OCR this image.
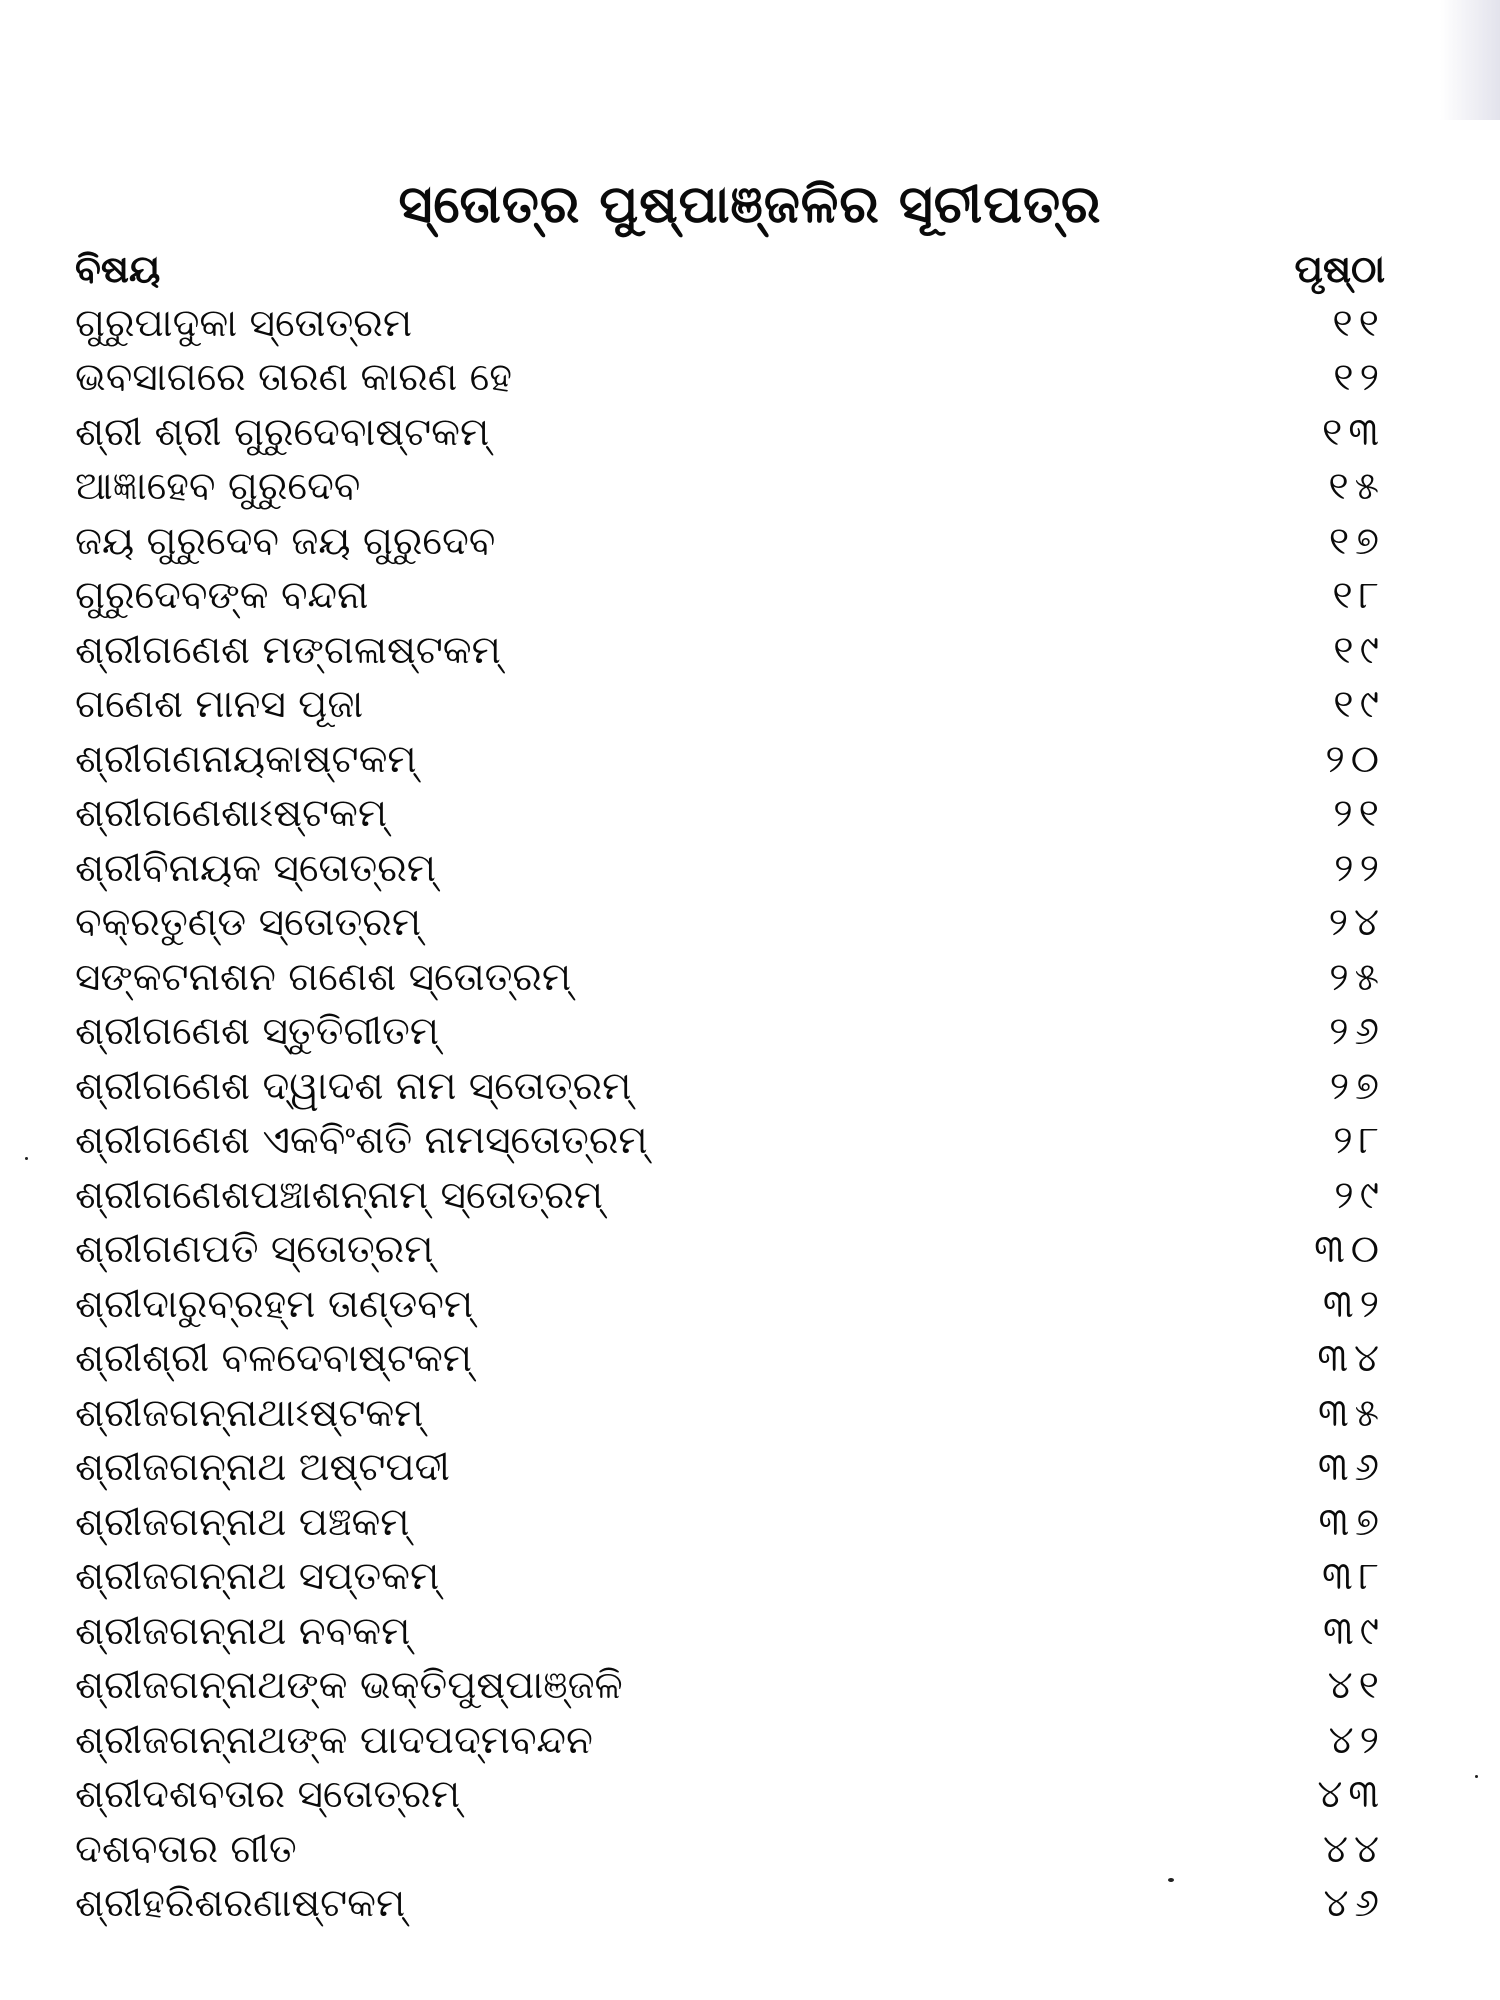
ସ୍ତୋତ୍ର ପୁଷ୍ପାଞ୍ଜଳିର ସୂଚୀପତ୍ର
ବିଷୟ	ପୃଷ୍ଠା
ଗୁରୁପାଦୁକା ସ୍ତୋତ୍ରମ	୧୧
ଭବସାଗରେ ତାରଣ କାରଣ ହେ	୧୨
ଶ୍ରୀ ଶ୍ରୀ ଗୁରୁଦେବାଷ୍ଟକମ୍	୧୩
ଆଜ୍ଞାହେବ ଗୁରୁଦେବ	୧୫
ଜୟ ଗୁରୁଦେବ ଜୟ ଗୁରୁଦେବ	୧୭
ଗୁରୁଦେବଙ୍କ ବନ୍ଦନା	୧୮
ଶ୍ରୀଗଣେଶ ମଙ୍ଗଳାଷ୍ଟକମ୍	୧୯
ଗଣେଶ ମାନସ ପୂଜା	୧୯
ଶ୍ରୀଗଣନାୟକାଷ୍ଟକମ୍	୨୦
ଶ୍ରୀଗଣେଶାଽଷ୍ଟକମ୍	୨୧
ଶ୍ରୀବିନାୟକ ସ୍ତୋତ୍ରମ୍	୨୨
ବକ୍ରତୁଣ୍ଡ ସ୍ତୋତ୍ରମ୍	୨୪
ସଙ୍କଟନାଶନ ଗଣେଶ ସ୍ତୋତ୍ରମ୍	୨୫
ଶ୍ରୀଗଣେଶ ସ୍ତୁତିଗୀତମ୍	୨୬
ଶ୍ରୀଗଣେଶ ଦ୍ୱାଦଶ ନାମ ସ୍ତୋତ୍ରମ୍	୨୭
ଶ୍ରୀଗଣେଶ ଏକବିଂଶତି ନାମସ୍ତୋତ୍ରମ୍	୨୮
ଶ୍ରୀଗଣେଶପଞ୍ଚାଶନ୍ନାମ୍ ସ୍ତୋତ୍ରମ୍	୨୯
ଶ୍ରୀଗଣପତି ସ୍ତୋତ୍ରମ୍	୩୦
ଶ୍ରୀଦାରୁବ୍ରହ୍ମ ତାଣ୍ଡବମ୍	୩୨
ଶ୍ରୀଶ୍ରୀ ବଳଦେବାଷ୍ଟକମ୍	୩୪
ଶ୍ରୀଜଗନ୍ନାଥାଽଷ୍ଟକମ୍	୩୫
ଶ୍ରୀଜଗନ୍ନାଥ ଅଷ୍ଟପଦୀ	୩୬
ଶ୍ରୀଜଗନ୍ନାଥ ପଞ୍ଚକମ୍	୩୭
ଶ୍ରୀଜଗନ୍ନାଥ ସପ୍ତକମ୍	୩୮
ଶ୍ରୀଜଗନ୍ନାଥ ନବକମ୍	୩୯
ଶ୍ରୀଜଗନ୍ନାଥଙ୍କ ଭକ୍ତିପୁଷ୍ପାଞ୍ଜଳି	୪୧
ଶ୍ରୀଜଗନ୍ନାଥଙ୍କ ପାଦପଦ୍ମବନ୍ଦନ	୪୨
ଶ୍ରୀଦଶବତାର ସ୍ତୋତ୍ରମ୍	୪୩
ଦଶବତାର ଗୀତ	୪୪
ଶ୍ରୀହରିଶରଣାଷ୍ଟକମ୍	୪୬
